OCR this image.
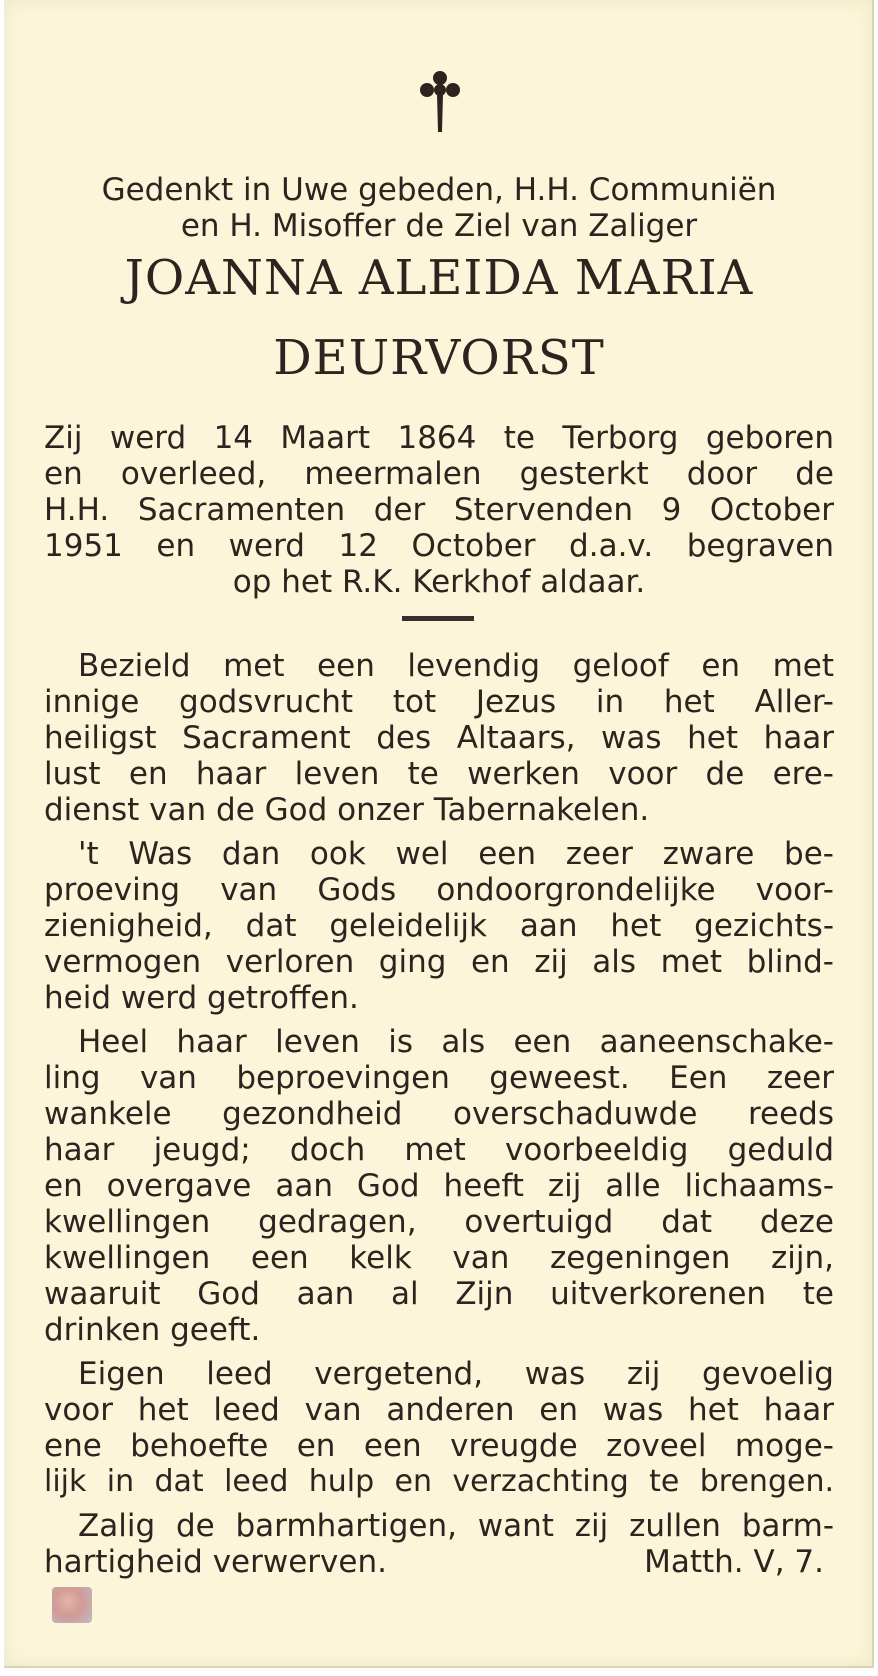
Gedenkt in Uwe gebeden, H.H. Communiën
en H. Misoffer de Ziel van Zaliger
JOANNA ALEIDA MARIA
DEURVORST
Zij werd 14 Maart 1864 te Terborg geboren
en overleed, meermalen gesterkt door de
H.H. Sacramenten der Stervenden 9 October
1951 en werd 12 October d.a.v. begraven
op het R.K. Kerkhof aldaar.
Bezield met een levendig geloof en met
innige godsvrucht tot Jezus in het Aller-
heiligst Sacrament des Altaars, was het haar
lust en haar leven te werken voor de ere-
dienst van de God onzer Tabernakelen.
't Was dan ook wel een zeer zware be-
proeving van Gods ondoorgrondelijke voor-
zienigheid, dat geleidelijk aan het gezichts-
vermogen verloren ging en zij als met blind-
heid werd getroffen.
Heel haar leven is als een aaneenschake-
ling van beproevingen geweest. Een zeer
wankele gezondheid overschaduwde reeds
haar jeugd; doch met voorbeeldig geduld
en overgave aan God heeft zij alle lichaams-
kwellingen gedragen, overtuigd dat deze
kwellingen een kelk van zegeningen zijn,
waaruit God aan al Zijn uitverkorenen te
drinken geeft.
Eigen leed vergetend, was zij gevoelig
voor het leed van anderen en was het haar
ene behoefte en een vreugde zoveel moge-
lijk in dat leed hulp en verzachting te brengen.
Zalig de barmhartigen, want zij zullen barm-
hartigheid verwerven.	Matth. V, 7.
